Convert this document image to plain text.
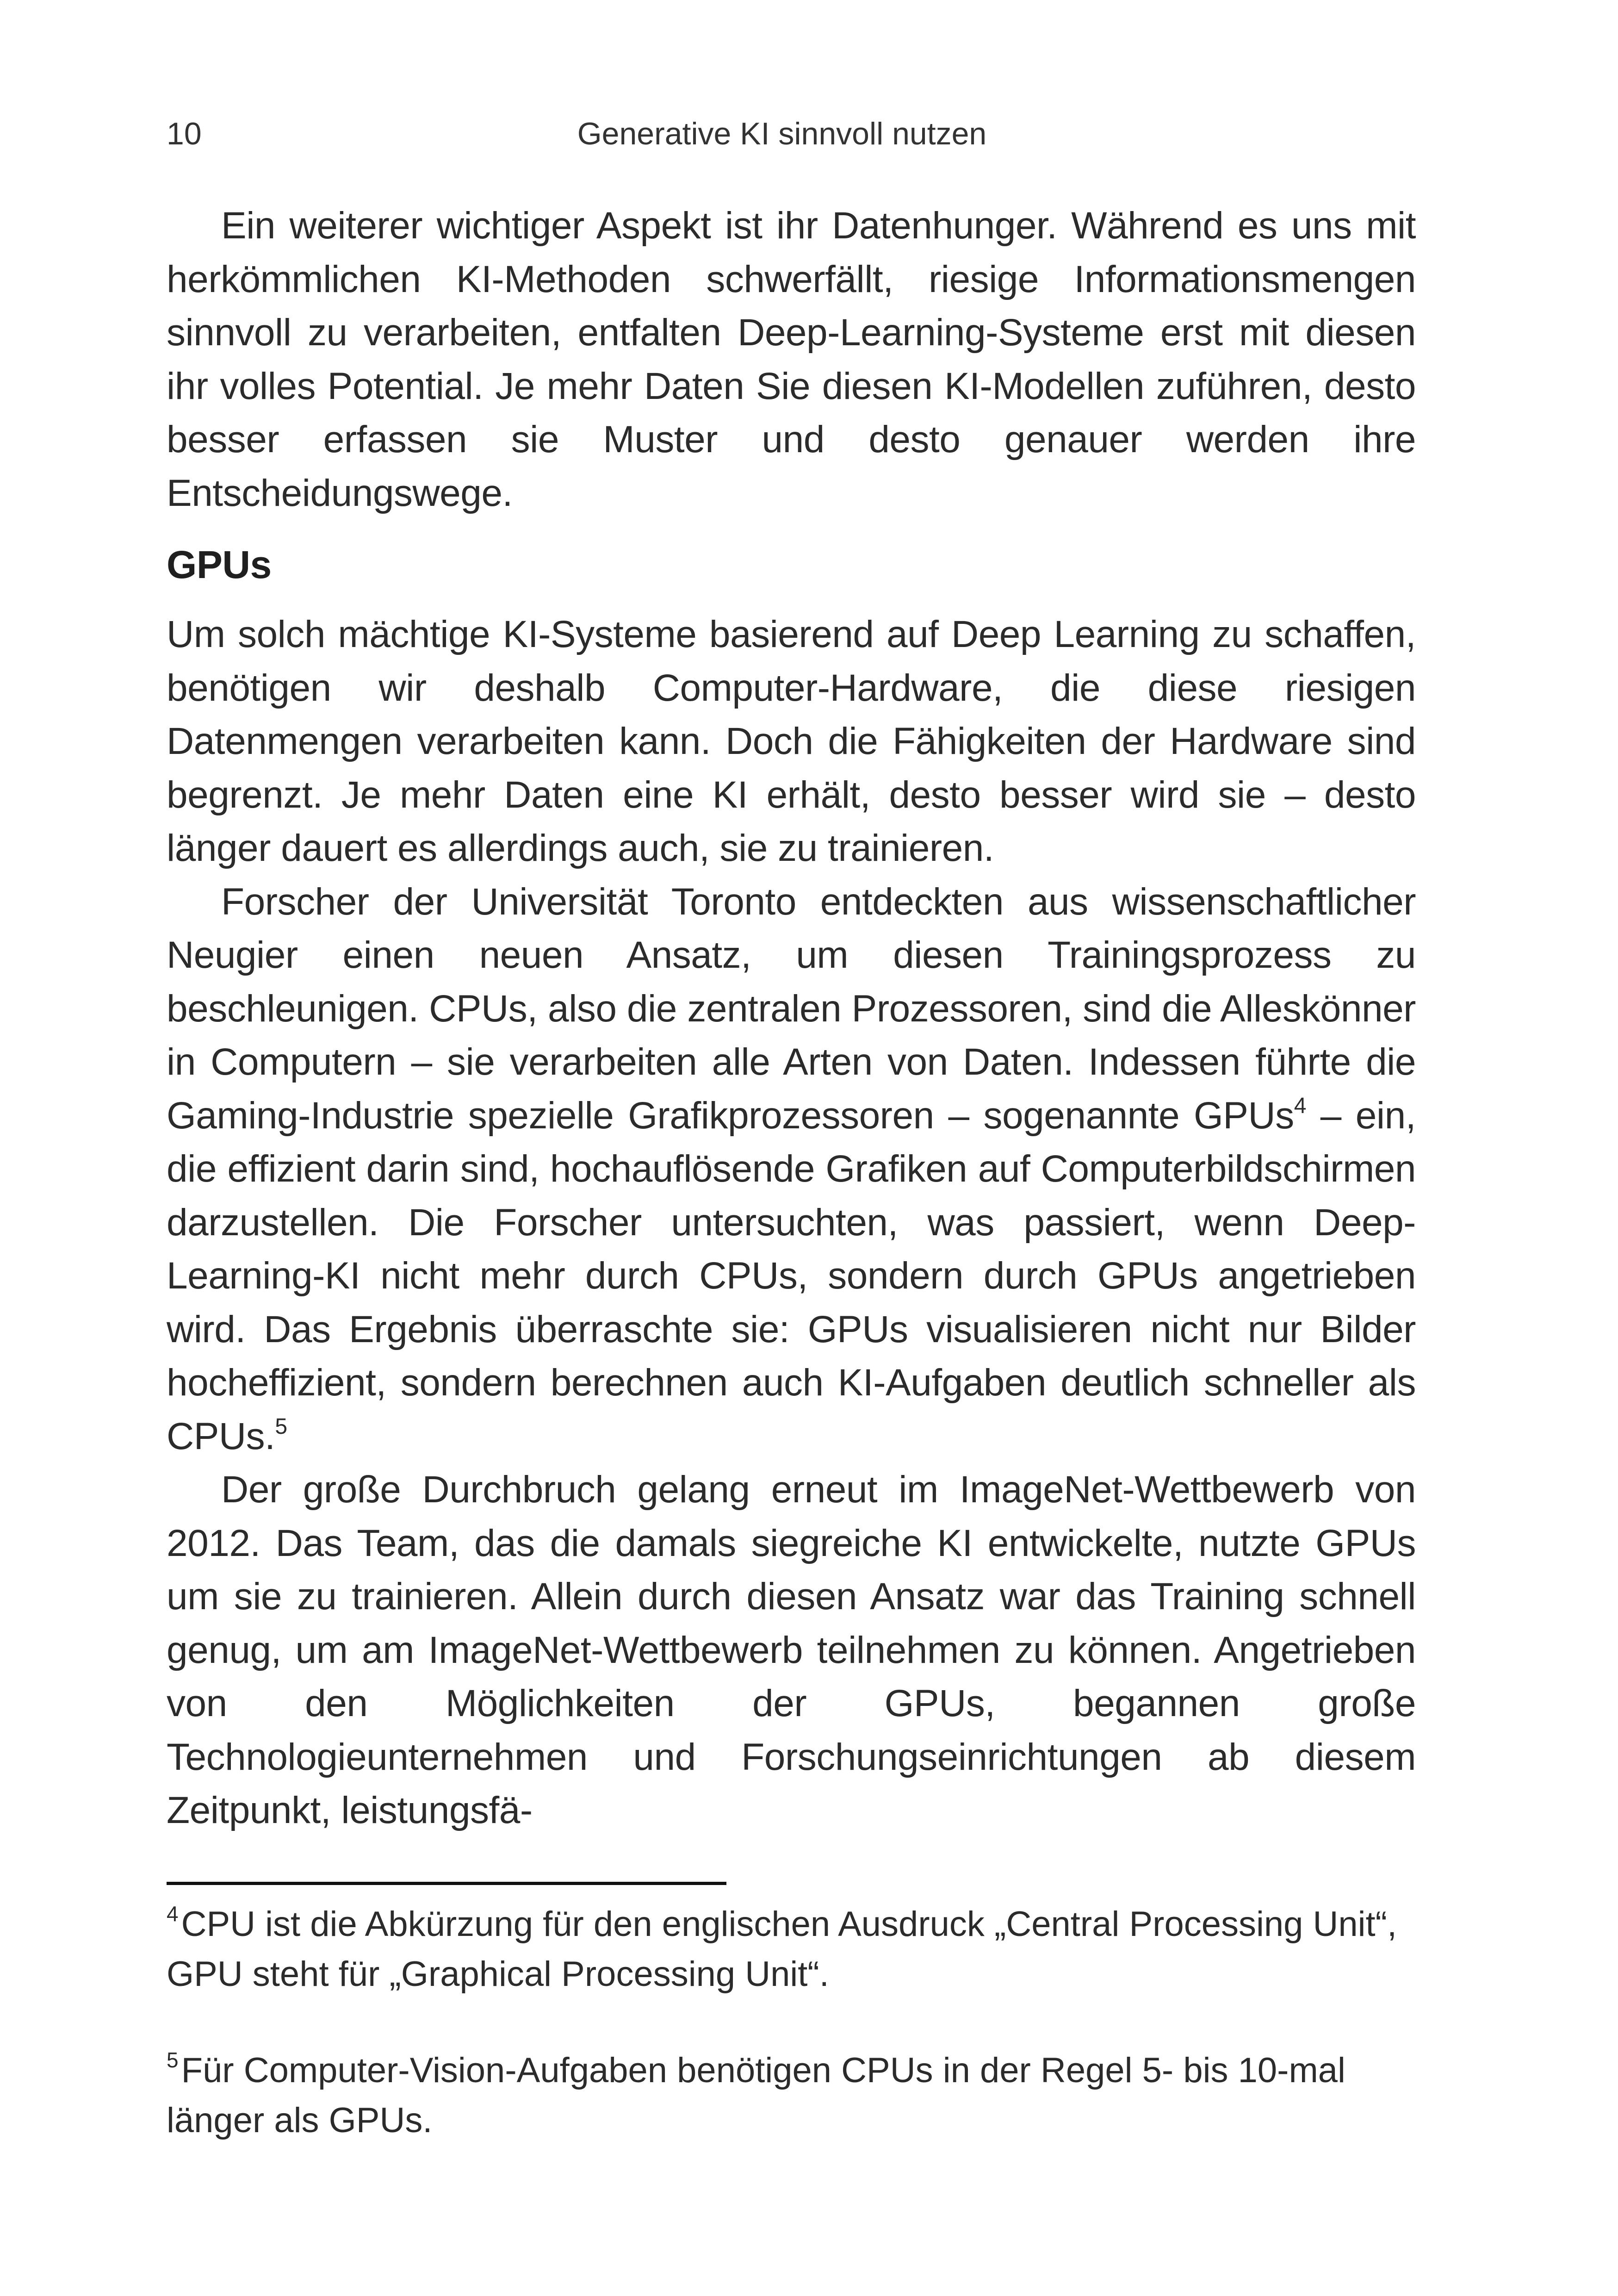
10	Generative KI sinnvoll nutzen

Ein weiterer wichtiger Aspekt ist ihr Datenhunger. Während es uns mit herkömmlichen KI-Methoden schwerfällt, riesige Informationsmengen sinnvoll zu verarbeiten, entfalten Deep-Learning-Systeme erst mit diesen ihr volles Potential. Je mehr Daten Sie diesen KI-Modellen zuführen, desto besser erfassen sie Muster und desto genauer werden ihre Entscheidungswege.

GPUs

Um solch mächtige KI-Systeme basierend auf Deep Learning zu schaffen, benötigen wir deshalb Computer-Hardware, die diese riesigen Datenmengen verarbeiten kann. Doch die Fähigkeiten der Hardware sind begrenzt. Je mehr Daten eine KI erhält, desto besser wird sie – desto länger dauert es allerdings auch, sie zu trainieren.

Forscher der Universität Toronto entdeckten aus wissenschaftlicher Neugier einen neuen Ansatz, um diesen Trainingsprozess zu beschleunigen. CPUs, also die zentralen Prozessoren, sind die Alleskönner in Computern – sie verarbeiten alle Arten von Daten. Indessen führte die Gaming-Industrie spezielle Grafikprozessoren – sogenannte GPUs$^4$ – ein, die effizient darin sind, hochauflösende Grafiken auf Computerbildschirmen darzustellen. Die Forscher untersuchten, was passiert, wenn Deep-Learning-KI nicht mehr durch CPUs, sondern durch GPUs angetrieben wird. Das Ergebnis überraschte sie: GPUs visualisieren nicht nur Bilder hocheffizient, sondern berechnen auch KI-Aufgaben deutlich schneller als CPUs.$^5$

Der große Durchbruch gelang erneut im ImageNet-Wettbewerb von 2012. Das Team, das die damals siegreiche KI entwickelte, nutzte GPUs um sie zu trainieren. Allein durch diesen Ansatz war das Training schnell genug, um am ImageNet-Wettbewerb teilnehmen zu können. Angetrieben von den Möglichkeiten der GPUs, begannen große Technologieunternehmen und Forschungseinrichtungen ab diesem Zeitpunkt, leistungsfä-

$^4$CPU ist die Abkürzung für den englischen Ausdruck „Central Processing Unit“, GPU steht für „Graphical Processing Unit“.
$^5$Für Computer-Vision-Aufgaben benötigen CPUs in der Regel 5- bis 10-mal länger als GPUs.
